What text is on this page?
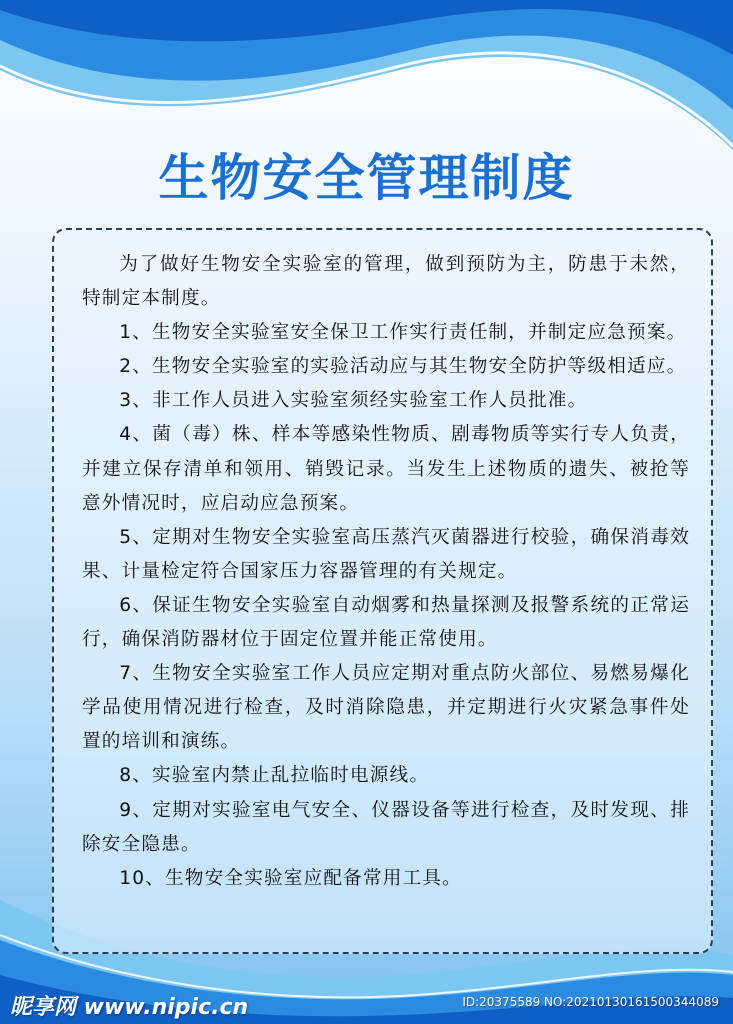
生物安全管理制度

为了做好生物安全实验室的管理，做到预防为主，防患于未然，特制定本制度。

1、生物安全实验室安全保卫工作实行责任制，并制定应急预案。

2、生物安全实验室的实验活动应与其生物安全防护等级相适应。

3、非工作人员进入实验室须经实验室工作人员批准。

4、菌（毒）株、样本等感染性物质、剧毒物质等实行专人负责，并建立保存清单和领用、销毁记录。当发生上述物质的遗失、被抢等意外情况时，应启动应急预案。

5、定期对生物安全实验室高压蒸汽灭菌器进行校验，确保消毒效果、计量检定符合国家压力容器管理的有关规定。

6、保证生物安全实验室自动烟雾和热量探测及报警系统的正常运行，确保消防器材位于固定位置并能正常使用。

7、生物安全实验室工作人员应定期对重点防火部位、易燃易爆化学品使用情况进行检查，及时消除隐患，并定期进行火灾紧急事件处置的培训和演练。

8、实验室内禁止乱拉临时电源线。

9、定期对实验室电气安全、仪器设备等进行检查，及时发现、排除安全隐患。

10、生物安全实验室应配备常用工具。

昵享网 www.nipic.cn	ID:20375589 NO:20210130161500344089
